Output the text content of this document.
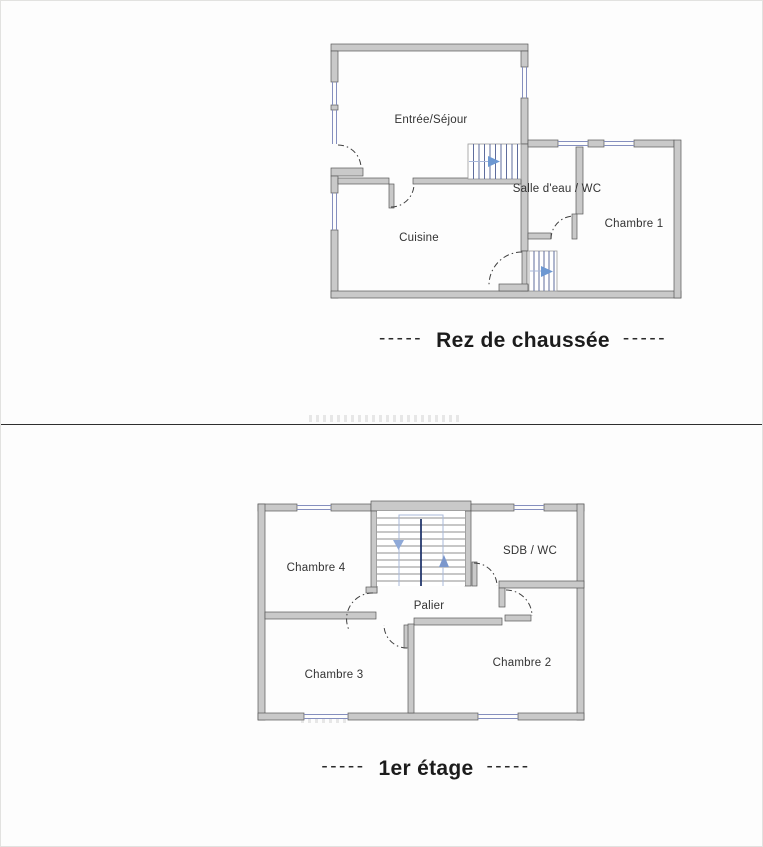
Entrée/Séjour
Cuisine
Salle d'eau / WC
Chambre 1
Chambre 4
SDB / WC
Palier
Chambre 3
Chambre 2
----- Rez de chaussée -----
----- 1er étage -----
